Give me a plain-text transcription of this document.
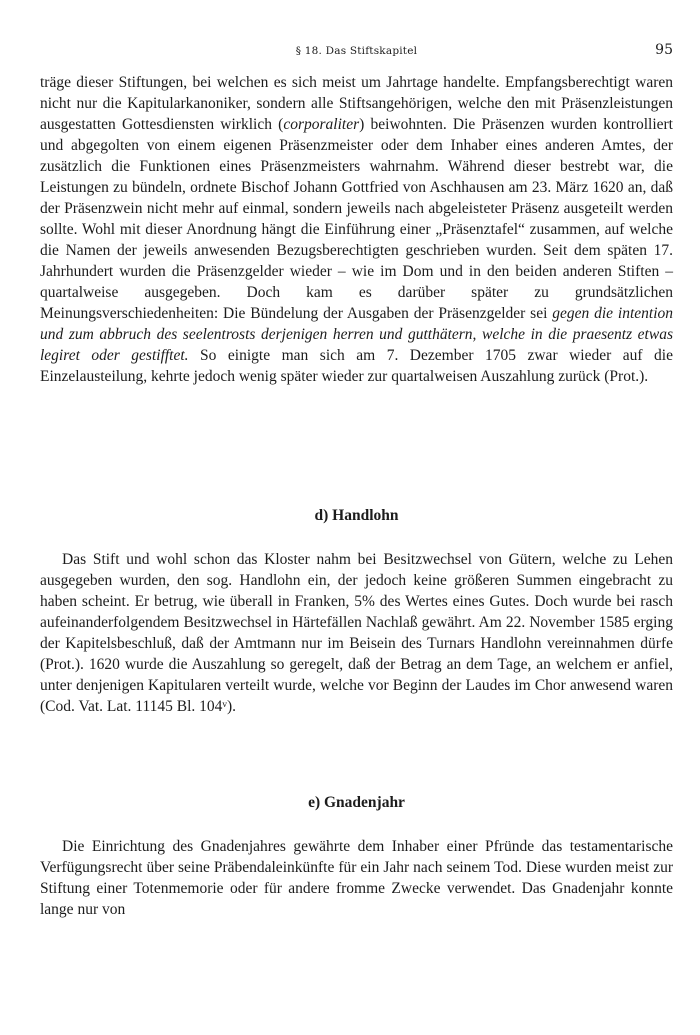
§ 18. Das Stiftskapitel	95

träge dieser Stiftungen, bei welchen es sich meist um Jahrtage handelte. Empfangsberechtigt waren nicht nur die Kapitularkanoniker, sondern alle Stiftsangehörigen, welche den mit Präsenzleistungen ausgestatten Gottesdiensten wirklich (corporaliter) beiwohnten. Die Präsenzen wurden kontrolliert und abgegolten von einem eigenen Präsenzmeister oder dem Inhaber eines anderen Amtes, der zusätzlich die Funktionen eines Präsenzmeisters wahrnahm. Während dieser bestrebt war, die Leistungen zu bündeln, ordnete Bischof Johann Gottfried von Aschhausen am 23. März 1620 an, daß der Präsenzwein nicht mehr auf einmal, sondern jeweils nach abgeleisteter Präsenz ausgeteilt werden sollte. Wohl mit dieser Anordnung hängt die Einführung einer „Präsenztafel“ zusammen, auf welche die Namen der jeweils anwesenden Bezugsberechtigten geschrieben wurden. Seit dem späten 17. Jahrhundert wurden die Präsenzgelder wieder – wie im Dom und in den beiden anderen Stiften – quartalweise ausgegeben. Doch kam es darüber später zu grundsätzlichen Meinungsverschiedenheiten: Die Bündelung der Ausgaben der Präsenzgelder sei gegen die intention und zum abbruch des seelentrosts derjenigen herren und gutthätern, welche in die praesentz etwas legiret oder gestifftet. So einigte man sich am 7. Dezember 1705 zwar wieder auf die Einzelausteilung, kehrte jedoch wenig später wieder zur quartalweisen Auszahlung zurück (Prot.).

d) Handlohn

Das Stift und wohl schon das Kloster nahm bei Besitzwechsel von Gütern, welche zu Lehen ausgegeben wurden, den sog. Handlohn ein, der jedoch keine größeren Summen eingebracht zu haben scheint. Er betrug, wie überall in Franken, 5% des Wertes eines Gutes. Doch wurde bei rasch aufeinanderfolgendem Besitzwechsel in Härtefällen Nachlaß gewährt. Am 22. November 1585 erging der Kapitelsbeschluß, daß der Amtmann nur im Beisein des Turnars Handlohn vereinnahmen dürfe (Prot.). 1620 wurde die Auszahlung so geregelt, daß der Betrag an dem Tage, an welchem er anfiel, unter denjenigen Kapitularen verteilt wurde, welche vor Beginn der Laudes im Chor anwesend waren (Cod. Vat. Lat. 11145 Bl. 104ᵛ).

e) Gnadenjahr

Die Einrichtung des Gnadenjahres gewährte dem Inhaber einer Pfründe das testamentarische Verfügungsrecht über seine Präbendaleinkünfte für ein Jahr nach seinem Tod. Diese wurden meist zur Stiftung einer Totenmemorie oder für andere fromme Zwecke verwendet. Das Gnadenjahr konnte lange nur von
